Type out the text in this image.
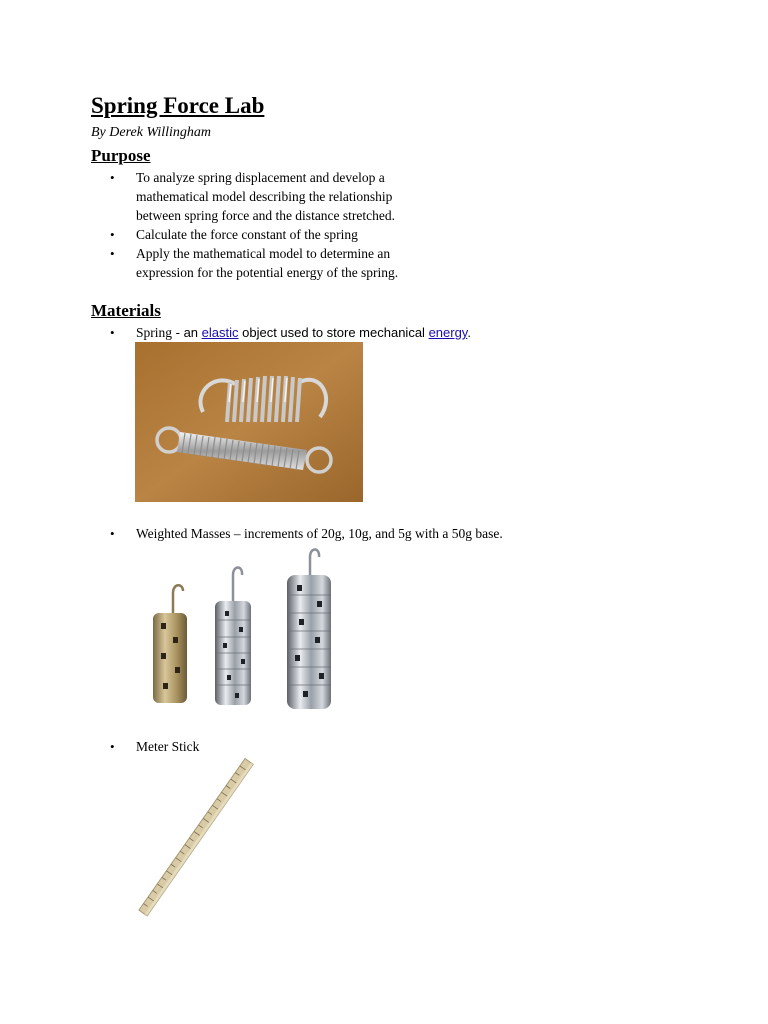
Spring Force Lab
By Derek Willingham
Purpose
• To analyze spring displacement and develop a mathematical model describing the relationship between spring force and the distance stretched.
• Calculate the force constant of the spring
• Apply the mathematical model to determine an expression for the potential energy of the spring.
Materials
• Spring - an elastic object used to store mechanical energy.
• Weighted Masses – increments of 20g, 10g, and 5g with a 50g base.
• Meter Stick
